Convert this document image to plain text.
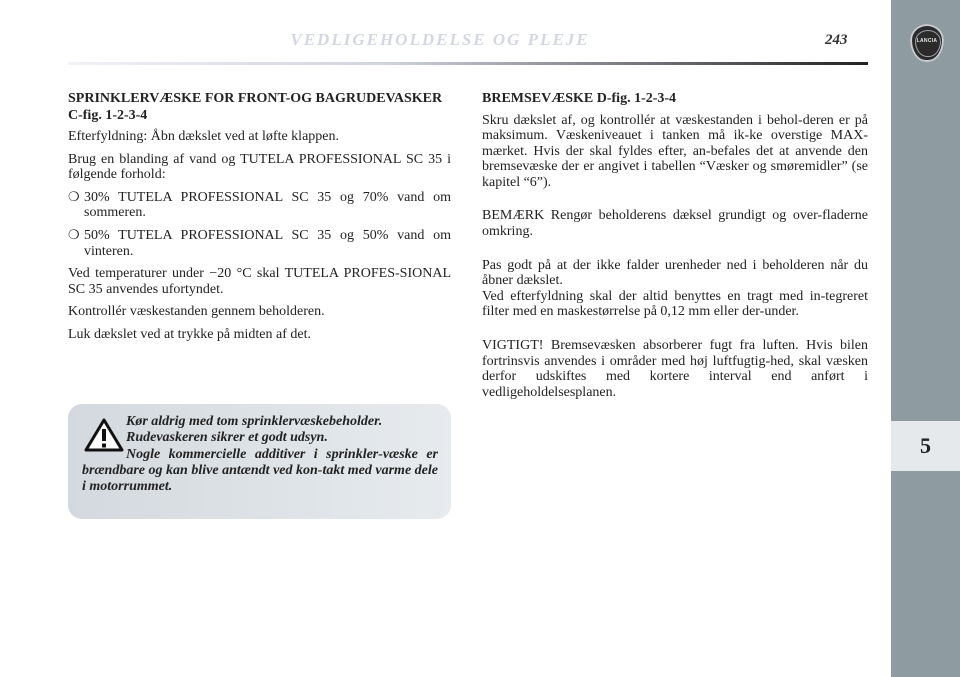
VEDLIGEHOLDELSE OG PLEJE	243	LANCIA
5
SPRINKLERVÆSKE FOR FRONT-OG BAGRUDEVASKER C-fig. 1-2-3-4

Efterfyldning: Åbn dækslet ved at løfte klappen.

Brug en blanding af vand og TUTELA PROFESSIONAL SC 35 i følgende forhold:

❍ 30% TUTELA PROFESSIONAL SC 35 og 70% vand om sommeren.
❍ 50% TUTELA PROFESSIONAL SC 35 og 50% vand om vinteren.

Ved temperaturer under −20 °C skal TUTELA PROFES-SIONAL SC 35 anvendes ufortyndet.

Kontrollér væskestanden gennem beholderen.

Luk dækslet ved at trykke på midten af det.

Kør aldrig med tom sprinklervæskebeholder.
Rudevaskeren sikrer et godt udsyn.
Nogle kommercielle additiver i sprinkler-væske er brændbare og kan blive antændt ved kon-takt med varme dele i motorrummet.
BREMSEVÆSKE D-fig. 1-2-3-4

Skru dækslet af, og kontrollér at væskestanden i behol-deren er på maksimum. Væskeniveauet i tanken må ik-ke overstige MAX-mærket. Hvis der skal fyldes efter, an-befales det at anvende den bremsevæske der er angivet i tabellen “Væsker og smøremidler” (se kapitel “6”).

BEMÆRK Rengør beholderens dæksel grundigt og over-fladerne omkring.

Pas godt på at der ikke falder urenheder ned i beholderen når du åbner dækslet.

Ved efterfyldning skal der altid benyttes en tragt med in-tegreret filter med en maskestørrelse på 0,12 mm eller der-under.

VIGTIGT! Bremsevæsken absorberer fugt fra luften. Hvis bilen fortrinsvis anvendes i områder med høj luftfugtig-hed, skal væsken derfor udskiftes med kortere interval end anført i vedligeholdelsesplanen.
